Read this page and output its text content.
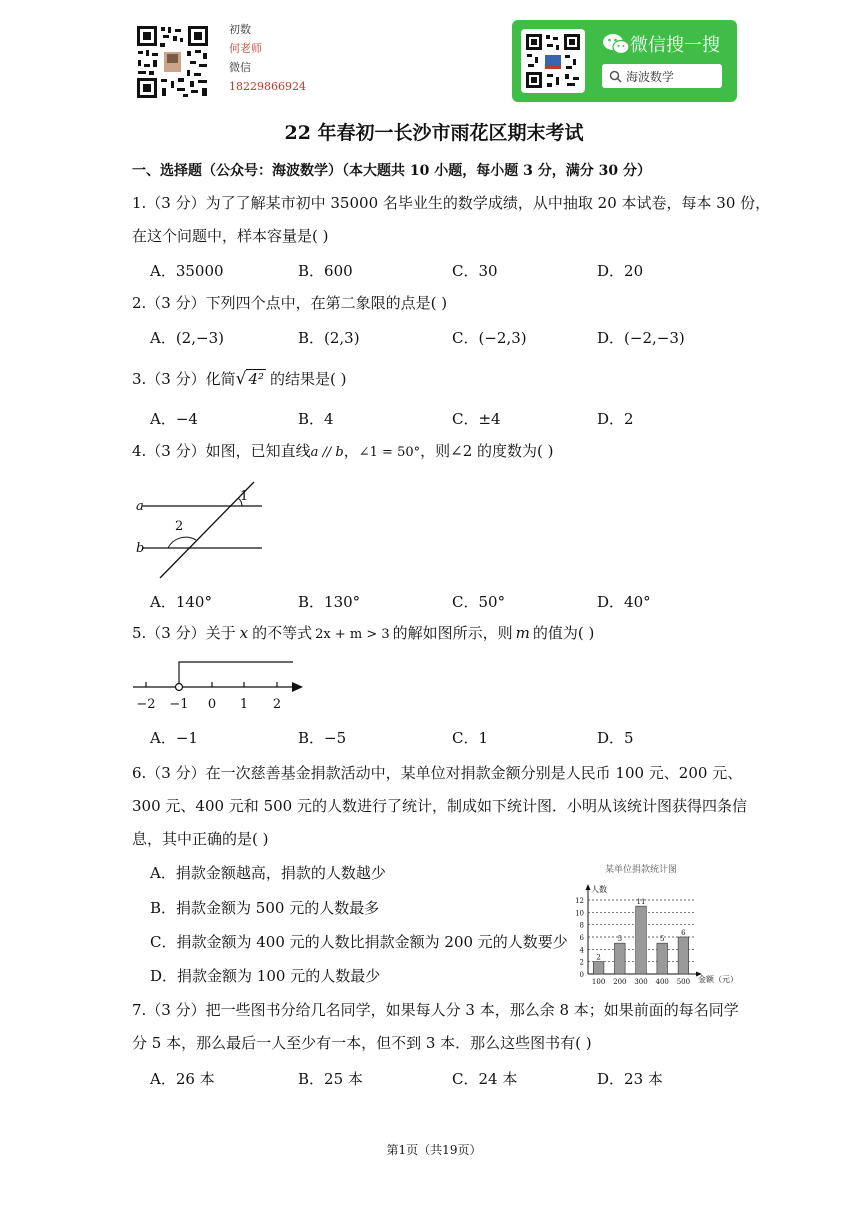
初数
何老师
微信
18229866924
微信搜一搜
海波数学
22 年春初一长沙市雨花区期末考试
一、选择题（公众号：海波数学）（本大题共 10 小题，每小题 3 分，满分 30 分）
1.（3 分）为了了解某市初中 35000 名毕业生的数学成绩，从中抽取 20 本试卷，每本 30 份，
在这个问题中，样本容量是( )
A．35000	B．600	C．30	D．20
2.（3 分）下列四个点中，在第二象限的点是( )
A．(2,−3)	B．(2,3)	C．(−2,3)	D．(−2,−3)
3.（3 分）化简√ 4² 的结果是( )
A．−4	B．4	C．±4	D．2
4.（3 分）如图，已知直线a // b，∠1 = 50°，则∠2 的度数为( )
a
b
1
2
A．140°	B．130°	C．50°	D．40°
5.（3 分）关于 x 的不等式 2x + m > 3 的解如图所示，则 m 的值为( )
−2 −1 0 1 2
A．−1	B．−5	C．1	D．5
6.（3 分）在一次慈善基金捐款活动中，某单位对捐款金额分别是人民币 100 元、200 元、
300 元、400 元和 500 元的人数进行了统计，制成如下统计图．小明从该统计图获得四条信
息，其中正确的是( )
A．捐款金额越高，捐款的人数越少
B．捐款金额为 500 元的人数最多
C．捐款金额为 400 元的人数比捐款金额为 200 元的人数要少
D．捐款金额为 100 元的人数最少
某单位捐款统计图
人数
金额（元）
0
2
4
6
8
10
12
2
100
5
200
11
300
5
400
6
500
7.（3 分）把一些图书分给几名同学，如果每人分 3 本，那么余 8 本；如果前面的每名同学
分 5 本，那么最后一人至少有一本，但不到 3 本．那么这些图书有( )
A．26 本	B．25 本	C．24 本	D．23 本
第1页（共19页）
